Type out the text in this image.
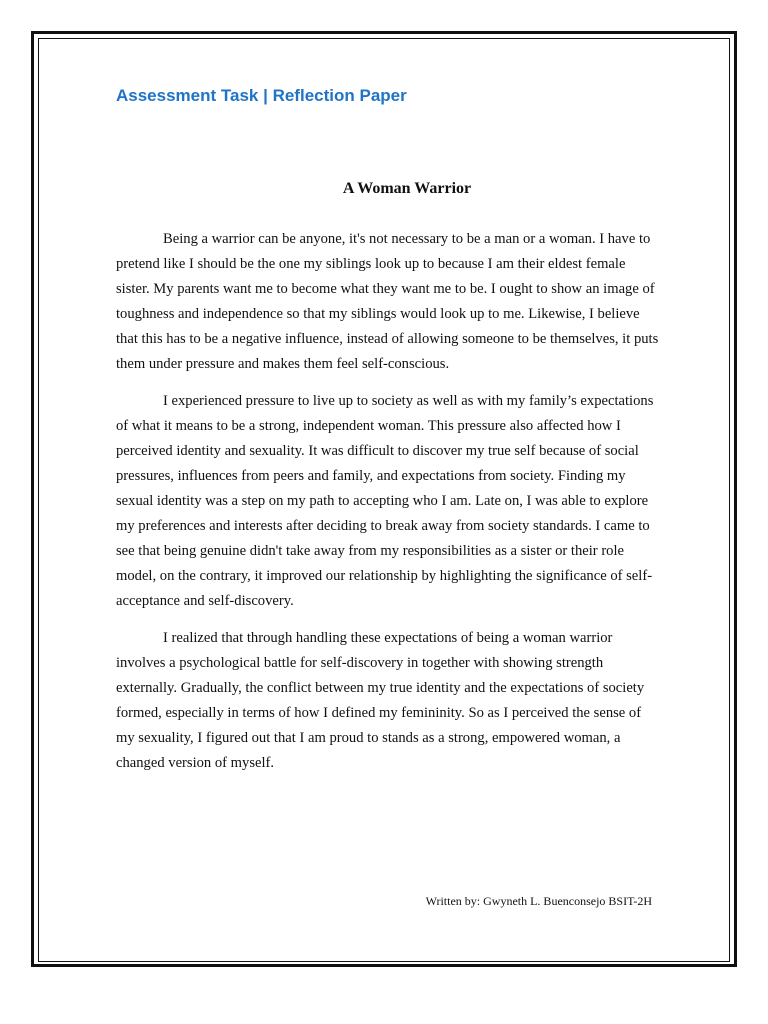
Assessment Task | Reflection Paper
A Woman Warrior

Being a warrior can be anyone, it's not necessary to be a man or a woman. I have to pretend like I should be the one my siblings look up to because I am their eldest female sister. My parents want me to become what they want me to be. I ought to show an image of toughness and independence so that my siblings would look up to me. Likewise, I believe that this has to be a negative influence, instead of allowing someone to be themselves, it puts them under pressure and makes them feel self-conscious.

I experienced pressure to live up to society as well as with my family’s expectations of what it means to be a strong, independent woman. This pressure also affected how I perceived identity and sexuality. It was difficult to discover my true self because of social pressures, influences from peers and family, and expectations from society. Finding my sexual identity was a step on my path to accepting who I am. Late on, I was able to explore my preferences and interests after deciding to break away from society standards. I came to see that being genuine didn't take away from my responsibilities as a sister or their role model, on the contrary, it improved our relationship by highlighting the significance of self-acceptance and self-discovery.

I realized that through handling these expectations of being a woman warrior involves a psychological battle for self-discovery in together with showing strength externally. Gradually, the conflict between my true identity and the expectations of society formed, especially in terms of how I defined my femininity. So as I perceived the sense of my sexuality, I figured out that I am proud to stands as a strong, empowered woman, a changed version of myself.

Written by: Gwyneth L. Buenconsejo BSIT-2H
